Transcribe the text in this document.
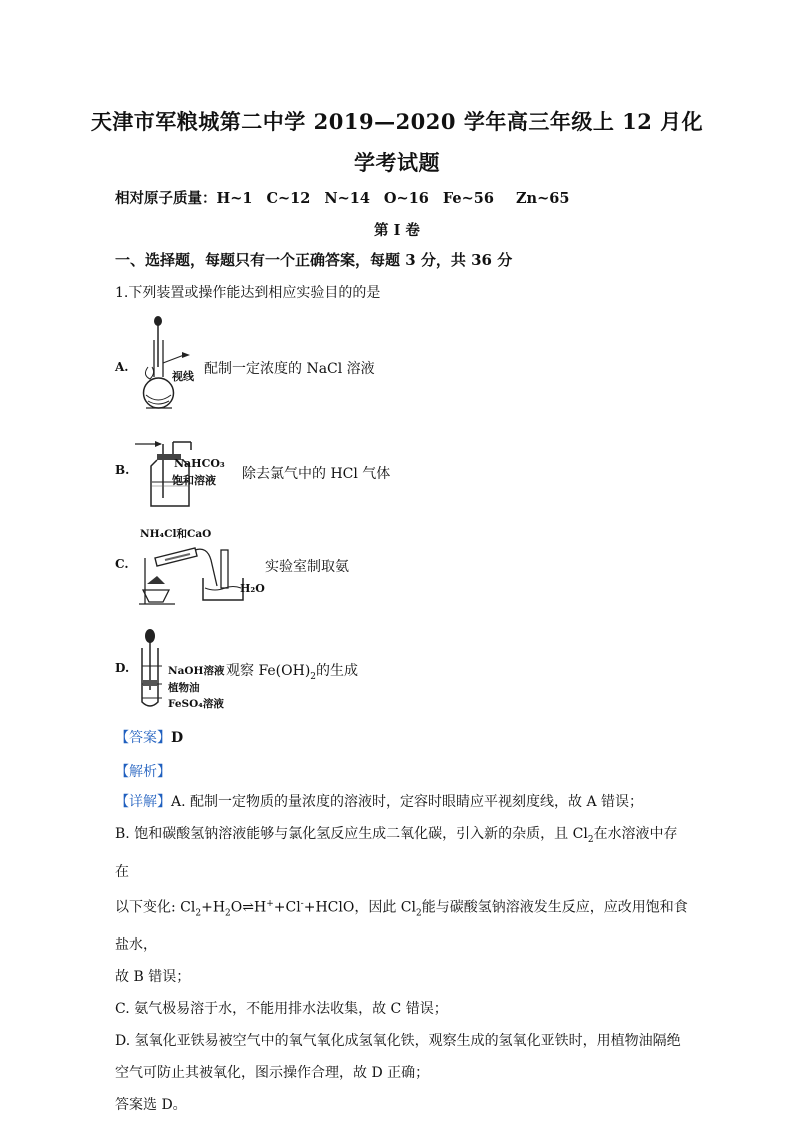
天津市军粮城第二中学 2019—2020 学年高三年级上 12 月化
学考试题
相对原子质量：H~1 C~12 N~14 O~16 Fe~56 Zn~65
第 I 卷
一、选择题，每题只有一个正确答案，每题 3 分，共 36 分
1.下列装置或操作能达到相应实验目的的是
A.
视线 配制一定浓度的 NaCl 溶液
B.	NaHCO₃
饱和溶液 除去氯气中的 HCl 气体
C.
NH₄Cl和CaO
H₂O
实验室制取氨
D.	NaOH溶液
植物油
FeSO₄溶液
观察 $Fe(OH)_2$的生成
【答案】D
【解析】
【详解】A. 配制一定物质的量浓度的溶液时，定容时眼睛应平视刻度线，故 A 错误；
B. 饱和碳酸氢钠溶液能够与氯化氢反应生成二氧化碳，引入新的杂质，且 $Cl_2$在水溶液中存在
以下变化: $Cl_2+H_2O\rightleftharpoons H^++Cl^-+HClO$，因此 $Cl_2$能与碳酸氢钠溶液发生反应，应改用饱和食盐水，
故 B 错误；
C. 氨气极易溶于水，不能用排水法收集，故 C 错误；
D. 氢氧化亚铁易被空气中的氧气氧化成氢氧化铁，观察生成的氢氧化亚铁时，用植物油隔绝
空气可防止其被氧化，图示操作合理，故 D 正确；
答案选 D。
